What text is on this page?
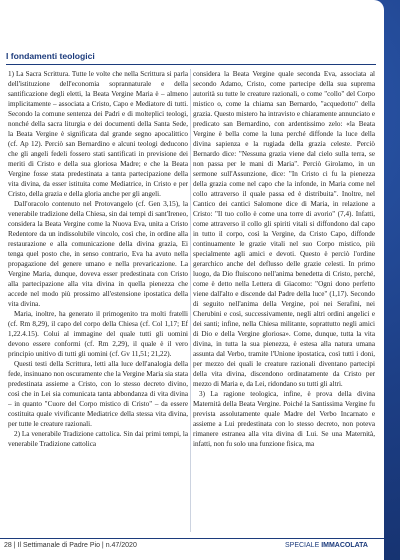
I fondamenti teologici

1) La Sacra Scrittura. Tutte le volte che nella Scrittura si parla dell'istituzione dell'economia soprannaturale e della santificazione degli eletti, la Beata Vergine Maria è – almeno implicitamente – associata a Cristo, Capo e Mediatore di tutti. Secondo la comune sentenza dei Padri e di molteplici teologi, nonché della sacra liturgia e dei documenti della Santa Sede, la Beata Vergine è significata dal grande segno apocalittico (cf. Ap 12). Perciò san Bernardino e alcuni teologi deducono che gli angeli fedeli fossero stati santificati in previsione dei meriti di Cristo e della sua gloriosa Madre; e che la Beata Vergine fosse stata predestinata a tanta partecipazione della vita divina, da esser istituita come Mediatrice, in Cristo e per Cristo, della grazia e della gloria anche per gli angeli.

Dall'oracolo contenuto nel Protovangelo (cf. Gen 3,15), la venerabile tradizione della Chiesa, sin dai tempi di sant'Ireneo, considera la Beata Vergine come la Nuova Eva, unita a Cristo Redentore da un indissolubile vincolo, così che, in ordine alla restaurazione e alla comunicazione della divina grazia, Ei tenga quel posto che, in senso contrario, Eva ha avuto nella propagazione del genere umano e nella prevaricazione. La Vergine Maria, dunque, doveva esser predestinata con Cristo alla partecipazione alla vita divina in quella pienezza che accede nel modo più prossimo all'estensione ipostatica della vita divina.

Maria, inoltre, ha generato il primogenito tra molti fratelli (cf. Rm 8,29), il capo del corpo della Chiesa (cf. Col 1,17; Ef 1,22.4.15). Colui al immagine del quale tutti gli uomini devono essere conformi (cf. Rm 2,29), il quale è il vero principio unitivo di tutti gli uomini (cf. Gv 11,51; 21,22).

Questi testi della Scrittura, letti alla luce dell'analogia della fede, insinuano non oscuramente che la Vergine Maria sia stata predestinata assieme a Cristo, con lo stesso decreto divino, così che in Lei sia comunicata tanta abbondanza di vita divina – in quanto "Cuore del Corpo mistico di Cristo" – da essere costituita quale vivificante Mediatrice della stessa vita divina, per tutte le creature razionali.

2) La venerabile Tradizione cattolica. Sin dai primi tempi, la venerabile Tradizione cattolica

considera la Beata Vergine quale seconda Eva, associata al secondo Adamo, Cristo, come partecipe della sua suprema autorità su tutte le creature razionali, o come "collo" del Corpo mistico o, come la chiama san Bernardo, "acquedotto" della grazia. Questo mistero ha intravisto e chiaramente annunciato e predicato san Bernardino, con ardentissimo zelo: «la Beata Vergine è bella come la luna perché diffonde la luce della divina sapienza e la rugiada della grazia celeste. Perciò Bernardo dice: "Nessuna grazia viene dal cielo sulla terra, se non passa per le mani di Maria". Perciò Girolamo, in un sermone sull'Assunzione, dice: "In Cristo ci fu la pienezza della grazia come nel capo che la infonde, in Maria come nel collo attraverso il quale passa ed è distribuita". Inoltre, nel Cantico dei cantici Salomone dice di Maria, in relazione a Cristo: "Il tuo collo è come una torre di avorio" (7,4). Infatti, come attraverso il collo gli spiriti vitali si diffondono dal capo in tutto il corpo, così la Vergine, da Cristo Capo, diffonde continuamente le grazie vitali nel suo Corpo mistico, più specialmente agli amici e devoti. Questo è perciò l'ordine gerarchico anche del deflusso delle grazie celesti. In primo luogo, da Dio fluiscono nell'anima benedetta di Cristo, perché, come è detto nella Lettera di Giacomo: "Ogni dono perfetto viene dall'alto e discende dal Padre della luce" (1,17). Secondo di seguito nell'anima della Vergine, poi nei Serafini, nei Cherubini e così, successivamente, negli altri ordini angelici e dei santi; infine, nella Chiesa militante, soprattutto negli amici di Dio e della Vergine gloriosa». Come, dunque, tutta la vita divina, in tutta la sua pienezza, è estesa alla natura umana assunta dal Verbo, tramite l'Unione ipostatica, così tutti i doni, per mezzo dei quali le creature razionali diventano partecipi della vita divina, discendono ordinatamente da Cristo per mezzo di Maria e, da Lei, ridondano su tutti gli altri.

3) La ragione teologica, infine, è prova della divina Maternità della Beata Vergine. Poiché la Santissima Vergine fu prevista assolutamente quale Madre del Verbo Incarnato e assieme a Lui predestinata con lo stesso decreto, non poteva rimanere estranea alla vita divina di Lui. Se una Maternità, infatti, non fu solo una funzione fisica, ma

28 | Il Settimanale di Padre Pio | n.47/2020	SPECIALE IMMACOLATA
